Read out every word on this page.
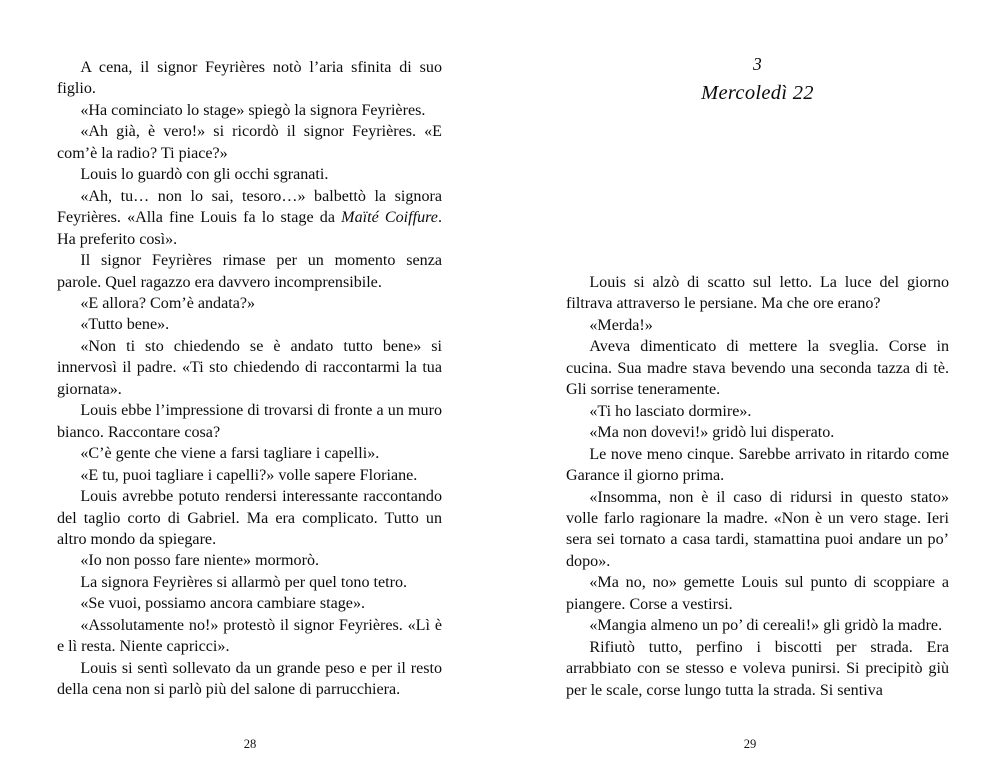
A cena, il signor Feyrières notò l’aria sfinita di suo figlio.

«Ha cominciato lo stage» spiegò la signora Feyrières.

«Ah già, è vero!» si ricordò il signor Feyrières. «E com’è la radio? Ti piace?»

Louis lo guardò con gli occhi sgranati.

«Ah, tu… non lo sai, tesoro…» balbettò la signora Feyrières. «Alla fine Louis fa lo stage da Maïté Coiffure. Ha preferito così».

Il signor Feyrières rimase per un momento senza parole. Quel ragazzo era davvero incomprensibile.

«E allora? Com’è andata?»

«Tutto bene».

«Non ti sto chiedendo se è andato tutto bene» si innervosì il padre. «Ti sto chiedendo di raccontarmi la tua giornata».

Louis ebbe l’impressione di trovarsi di fronte a un muro bianco. Raccontare cosa?

«C’è gente che viene a farsi tagliare i capelli».

«E tu, puoi tagliare i capelli?» volle sapere Floriane.

Louis avrebbe potuto rendersi interessante raccontando del taglio corto di Gabriel. Ma era complicato. Tutto un altro mondo da spiegare.

«Io non posso fare niente» mormorò.

La signora Feyrières si allarmò per quel tono tetro.

«Se vuoi, possiamo ancora cambiare stage».

«Assolutamente no!» protestò il signor Feyrières. «Lì è e lì resta. Niente capricci».

Louis si sentì sollevato da un grande peso e per il resto della cena non si parlò più del salone di parrucchiera.

28
3
Mercoledì 22

Louis si alzò di scatto sul letto. La luce del giorno filtrava attraverso le persiane. Ma che ore erano?

«Merda!»

Aveva dimenticato di mettere la sveglia. Corse in cucina. Sua madre stava bevendo una seconda tazza di tè. Gli sorrise teneramente.

«Ti ho lasciato dormire».

«Ma non dovevi!» gridò lui disperato.

Le nove meno cinque. Sarebbe arrivato in ritardo come Garance il giorno prima.

«Insomma, non è il caso di ridursi in questo stato» volle farlo ragionare la madre. «Non è un vero stage. Ieri sera sei tornato a casa tardi, stamattina puoi andare un po’ dopo».

«Ma no, no» gemette Louis sul punto di scoppiare a piangere. Corse a vestirsi.

«Mangia almeno un po’ di cereali!» gli gridò la madre.

Rifiutò tutto, perfino i biscotti per strada. Era arrabbiato con se stesso e voleva punirsi. Si precipitò giù per le scale, corse lungo tutta la strada. Si sentiva

29
